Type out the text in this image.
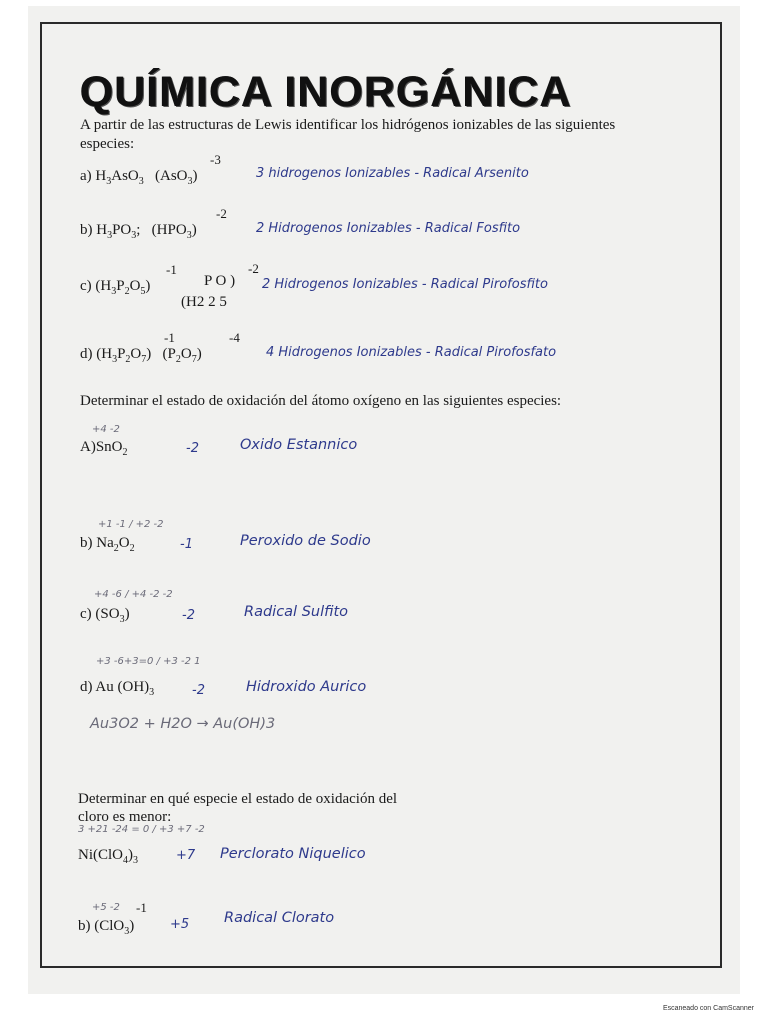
QUÍMICA INORGÁNICA
A partir de las estructuras de Lewis identificar los hidrógenos ionizables de las siguientes
especies:
a) $H_3AsO_3$   (AsO$_3$)
-3
3 hidrogenos Ionizables - Radical Arsenito
b) $H_3PO_3$;   $(HPO_3)$
-2
2 Hidrogenos Ionizables - Radical Fosfito
c) $(H_3P_2O_5)$
-1
P O )
(H2 2 5
-2
2 Hidrogenos Ionizables - Radical Pirofosfito
d) $(H_3P_2O_7)$   $(P_2O_7)$
-1	-4
4 Hidrogenos Ionizables - Radical Pirofosfato
Determinar el estado de oxidación del átomo oxígeno en las siguientes especies:
+4 -2
A)SnO$_2$	-2	Oxido Estannico
+1 -1 / +2 -2
b) $Na_2O_2$	-1	Peroxido de Sodio
+4 -6 / +4 -2 -2
c) $(SO_3)$	-2	Radical Sulfito
+3 -6+3=0 / +3 -2 1
d) Au $(OH)_3$	-2	Hidroxido Aurico
Au3O2 + H2O → Au(OH)3
Determinar en qué especie el estado de oxidación del
cloro es menor:
3 +21 -24 = 0 / +3 +7 -2
$Ni(ClO_4)_3$	+7 Perclorato Niquelico
+5 -2 -1
b) (ClO$_3$)	+5 Radical Clorato
Escaneado con CamScanner
